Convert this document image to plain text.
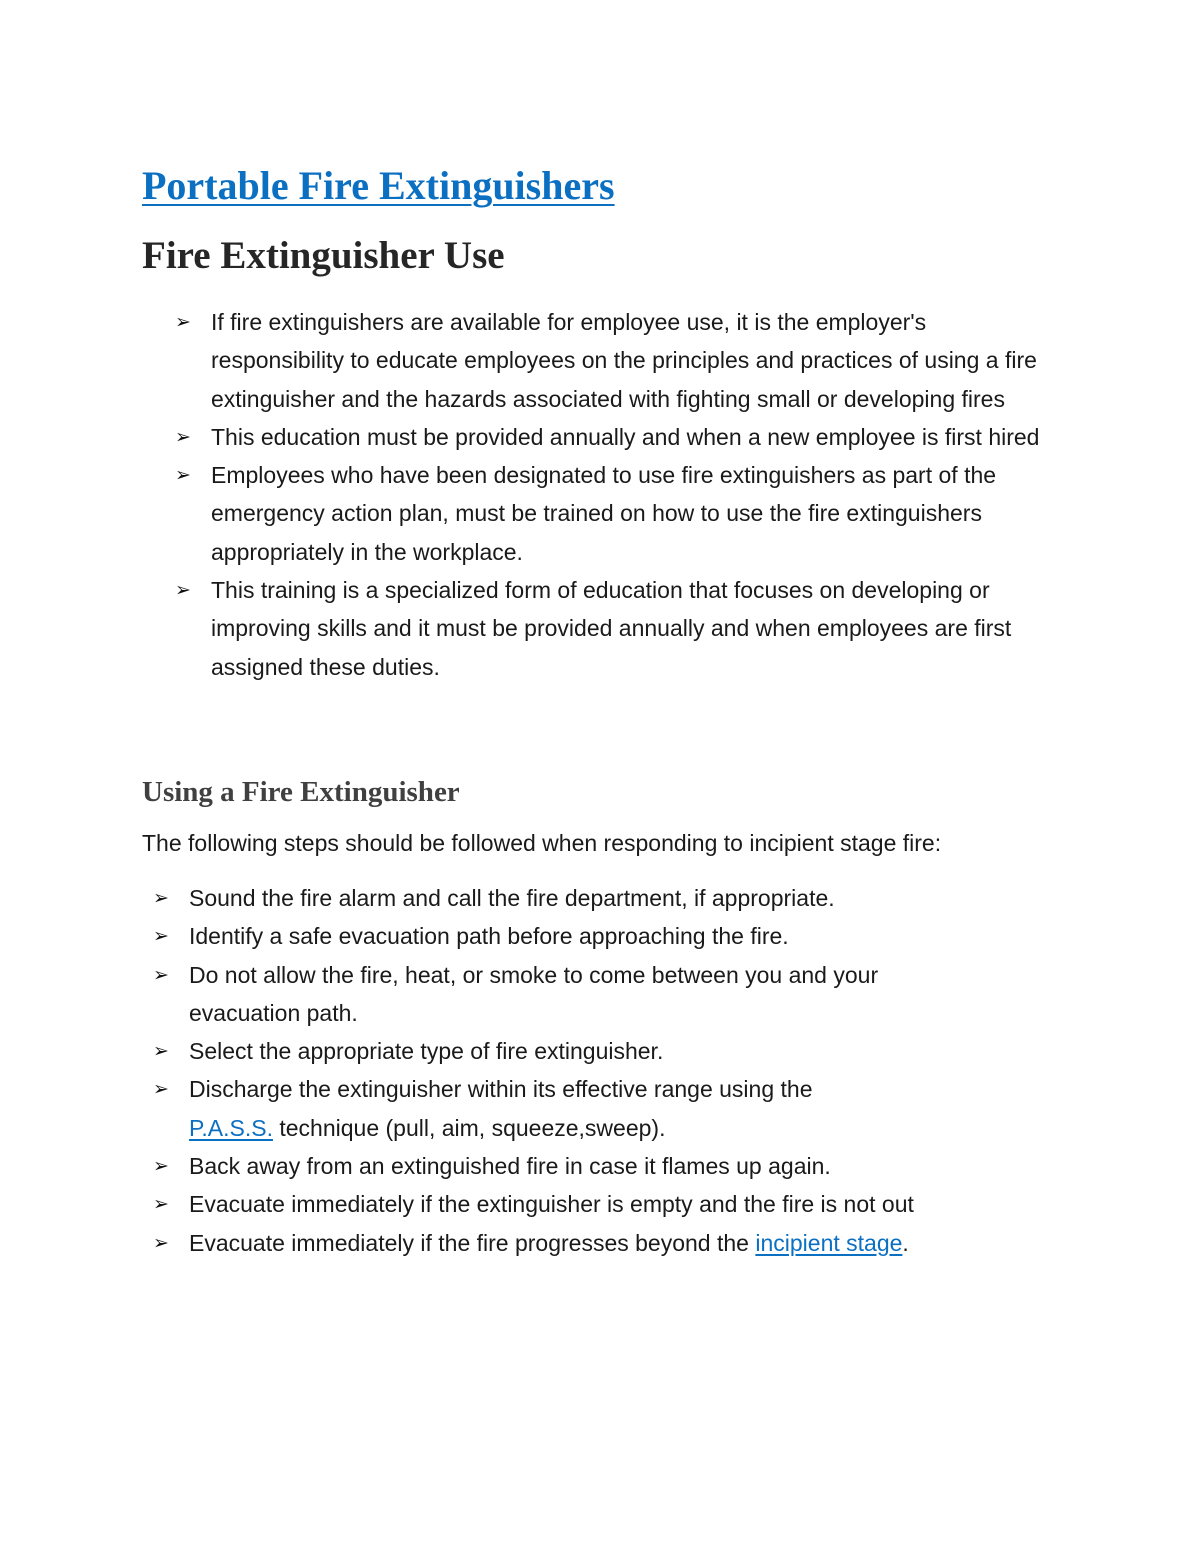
Portable Fire Extinguishers
Fire Extinguisher Use
➢ If fire extinguishers are available for employee use, it is the employer's responsibility to educate employees on the principles and practices of using a fire extinguisher and the hazards associated with fighting small or developing fires
➢ This education must be provided annually and when a new employee is first hired
➢ Employees who have been designated to use fire extinguishers as part of the emergency action plan, must be trained on how to use the fire extinguishers appropriately in the workplace.
➢ This training is a specialized form of education that focuses on developing or improving skills and it must be provided annually and when employees are first assigned these duties.
Using a Fire Extinguisher

The following steps should be followed when responding to incipient stage fire:

➢ Sound the fire alarm and call the fire department, if appropriate.
➢ Identify a safe evacuation path before approaching the fire.
➢ Do not allow the fire, heat, or smoke to come between you and your evacuation path.
➢ Select the appropriate type of fire extinguisher.
➢ Discharge the extinguisher within its effective range using the P.A.S.S. technique (pull, aim, squeeze,sweep).
➢ Back away from an extinguished fire in case it flames up again.
➢ Evacuate immediately if the extinguisher is empty and the fire is not out
➢ Evacuate immediately if the fire progresses beyond the incipient stage.
